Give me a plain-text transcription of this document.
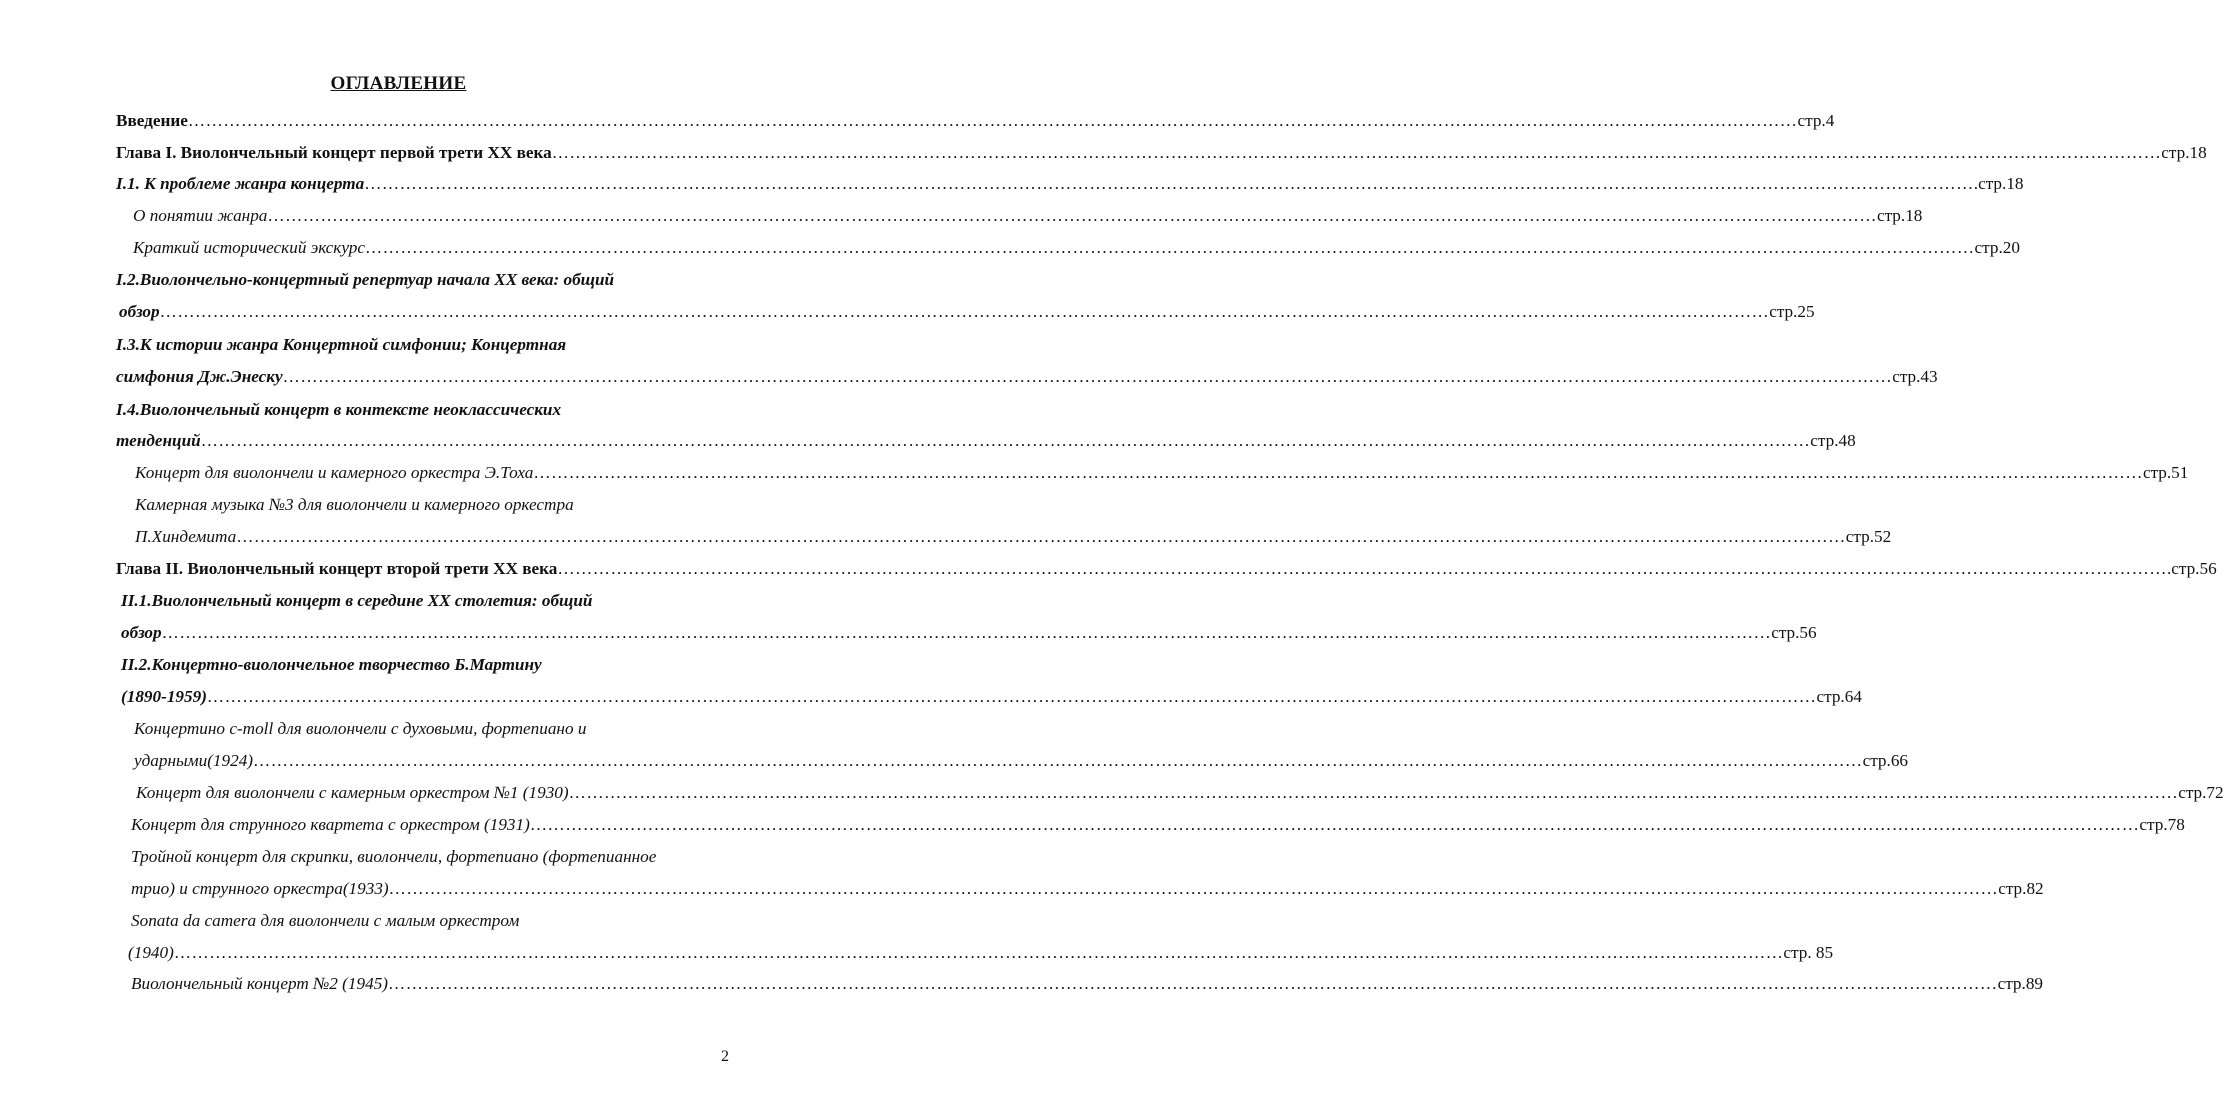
ОГЛАВЛЕНИЕ
Введение ………………………………………………………………………………………………………………………………………………………………………………………………………………………………………………… стр.4
Глава I. Виолончельный концерт первой трети XX века ………………………………………………………………………………………………………………………………………………………………………………………………………………………………………………… стр.18
I.1. К проблеме жанра концерта ………………………………………………………………………………………………………………………………………………………………………………………………………………………………………………… .стр.18
О понятии жанра ………………………………………………………………………………………………………………………………………………………………………………………………………………………………………………… стр.18
Краткий исторический экскурс ………………………………………………………………………………………………………………………………………………………………………………………………………………………………………………… стр.20
I.2.Виолончельно-концертный репертуар начала XX века: общий
обзор ………………………………………………………………………………………………………………………………………………………………………………………………………………………………………………… стр.25
I.3.К истории жанра Концертной симфонии; Концертная
симфония Дж.Энеску ………………………………………………………………………………………………………………………………………………………………………………………………………………………………………………… стр.43
I.4.Виолончельный концерт в контексте неоклассических
тенденций ………………………………………………………………………………………………………………………………………………………………………………………………………………………………………………… стр.48
Концерт для виолончели и камерного оркестра Э.Тоха ………………………………………………………………………………………………………………………………………………………………………………………………………………………………………………… стр.51
Камерная музыка №3 для виолончели и камерного оркестра
П.Хиндемита ………………………………………………………………………………………………………………………………………………………………………………………………………………………………………………… стр.52
Глава II. Виолончельный концерт второй трети XX века ………………………………………………………………………………………………………………………………………………………………………………………………………………………………………………… .стр.56
II.1.Виолончельный концерт в середине XX столетия: общий
обзор ………………………………………………………………………………………………………………………………………………………………………………………………………………………………………………… стр.56
II.2.Концертно-виолончельное творчество Б.Мартину
(1890-1959) ………………………………………………………………………………………………………………………………………………………………………………………………………………………………………………… стр.64
Концертино c-moll для виолончели с духовыми, фортепиано и
ударными(1924) ………………………………………………………………………………………………………………………………………………………………………………………………………………………………………………… стр.66
Концерт для виолончели с камерным оркестром №1 (1930) ………………………………………………………………………………………………………………………………………………………………………………………………………………………………………………… стр.72
Концерт для струнного квартета с оркестром (1931) ………………………………………………………………………………………………………………………………………………………………………………………………………………………………………………… стр.78
Тройной концерт для скрипки, виолончели, фортепиано (фортепианное
трио) и струнного оркестра(1933) ………………………………………………………………………………………………………………………………………………………………………………………………………………………………………………… стр.82
Sonata da camera для виолончели с малым оркестром
(1940) ………………………………………………………………………………………………………………………………………………………………………………………………………………………………………………… стр. 85
Виолончельный концерт №2 (1945) ………………………………………………………………………………………………………………………………………………………………………………………………………………………………………………… стр.89
2
